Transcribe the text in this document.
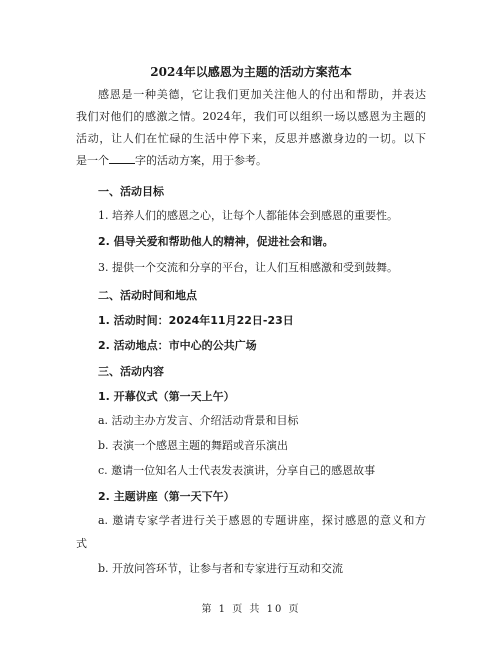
2024年以感恩为主题的活动方案范本
感恩是一种美德，它让我们更加关注他人的付出和帮助，并表达
我们对他们的感激之情。2024年，我们可以组织一场以感恩为主题的
活动，让人们在忙碌的生活中停下来，反思并感激身边的一切。以下
是一个 字的活动方案，用于参考。
一、活动目标
1. 培养人们的感恩之心，让每个人都能体会到感恩的重要性。
2. 倡导关爱和帮助他人的精神，促进社会和谐。
3. 提供一个交流和分享的平台，让人们互相感激和受到鼓舞。
二、活动时间和地点
1. 活动时间：2024年11月22日-23日
2. 活动地点：市中心的公共广场
三、活动内容
1. 开幕仪式（第一天上午）
a. 活动主办方发言、介绍活动背景和目标
b. 表演一个感恩主题的舞蹈或音乐演出
c. 邀请一位知名人士代表发表演讲，分享自己的感恩故事
2. 主题讲座（第一天下午）
a. 邀请专家学者进行关于感恩的专题讲座，探讨感恩的意义和方
式
b. 开放问答环节，让参与者和专家进行互动和交流
第 1 页 共 10 页
